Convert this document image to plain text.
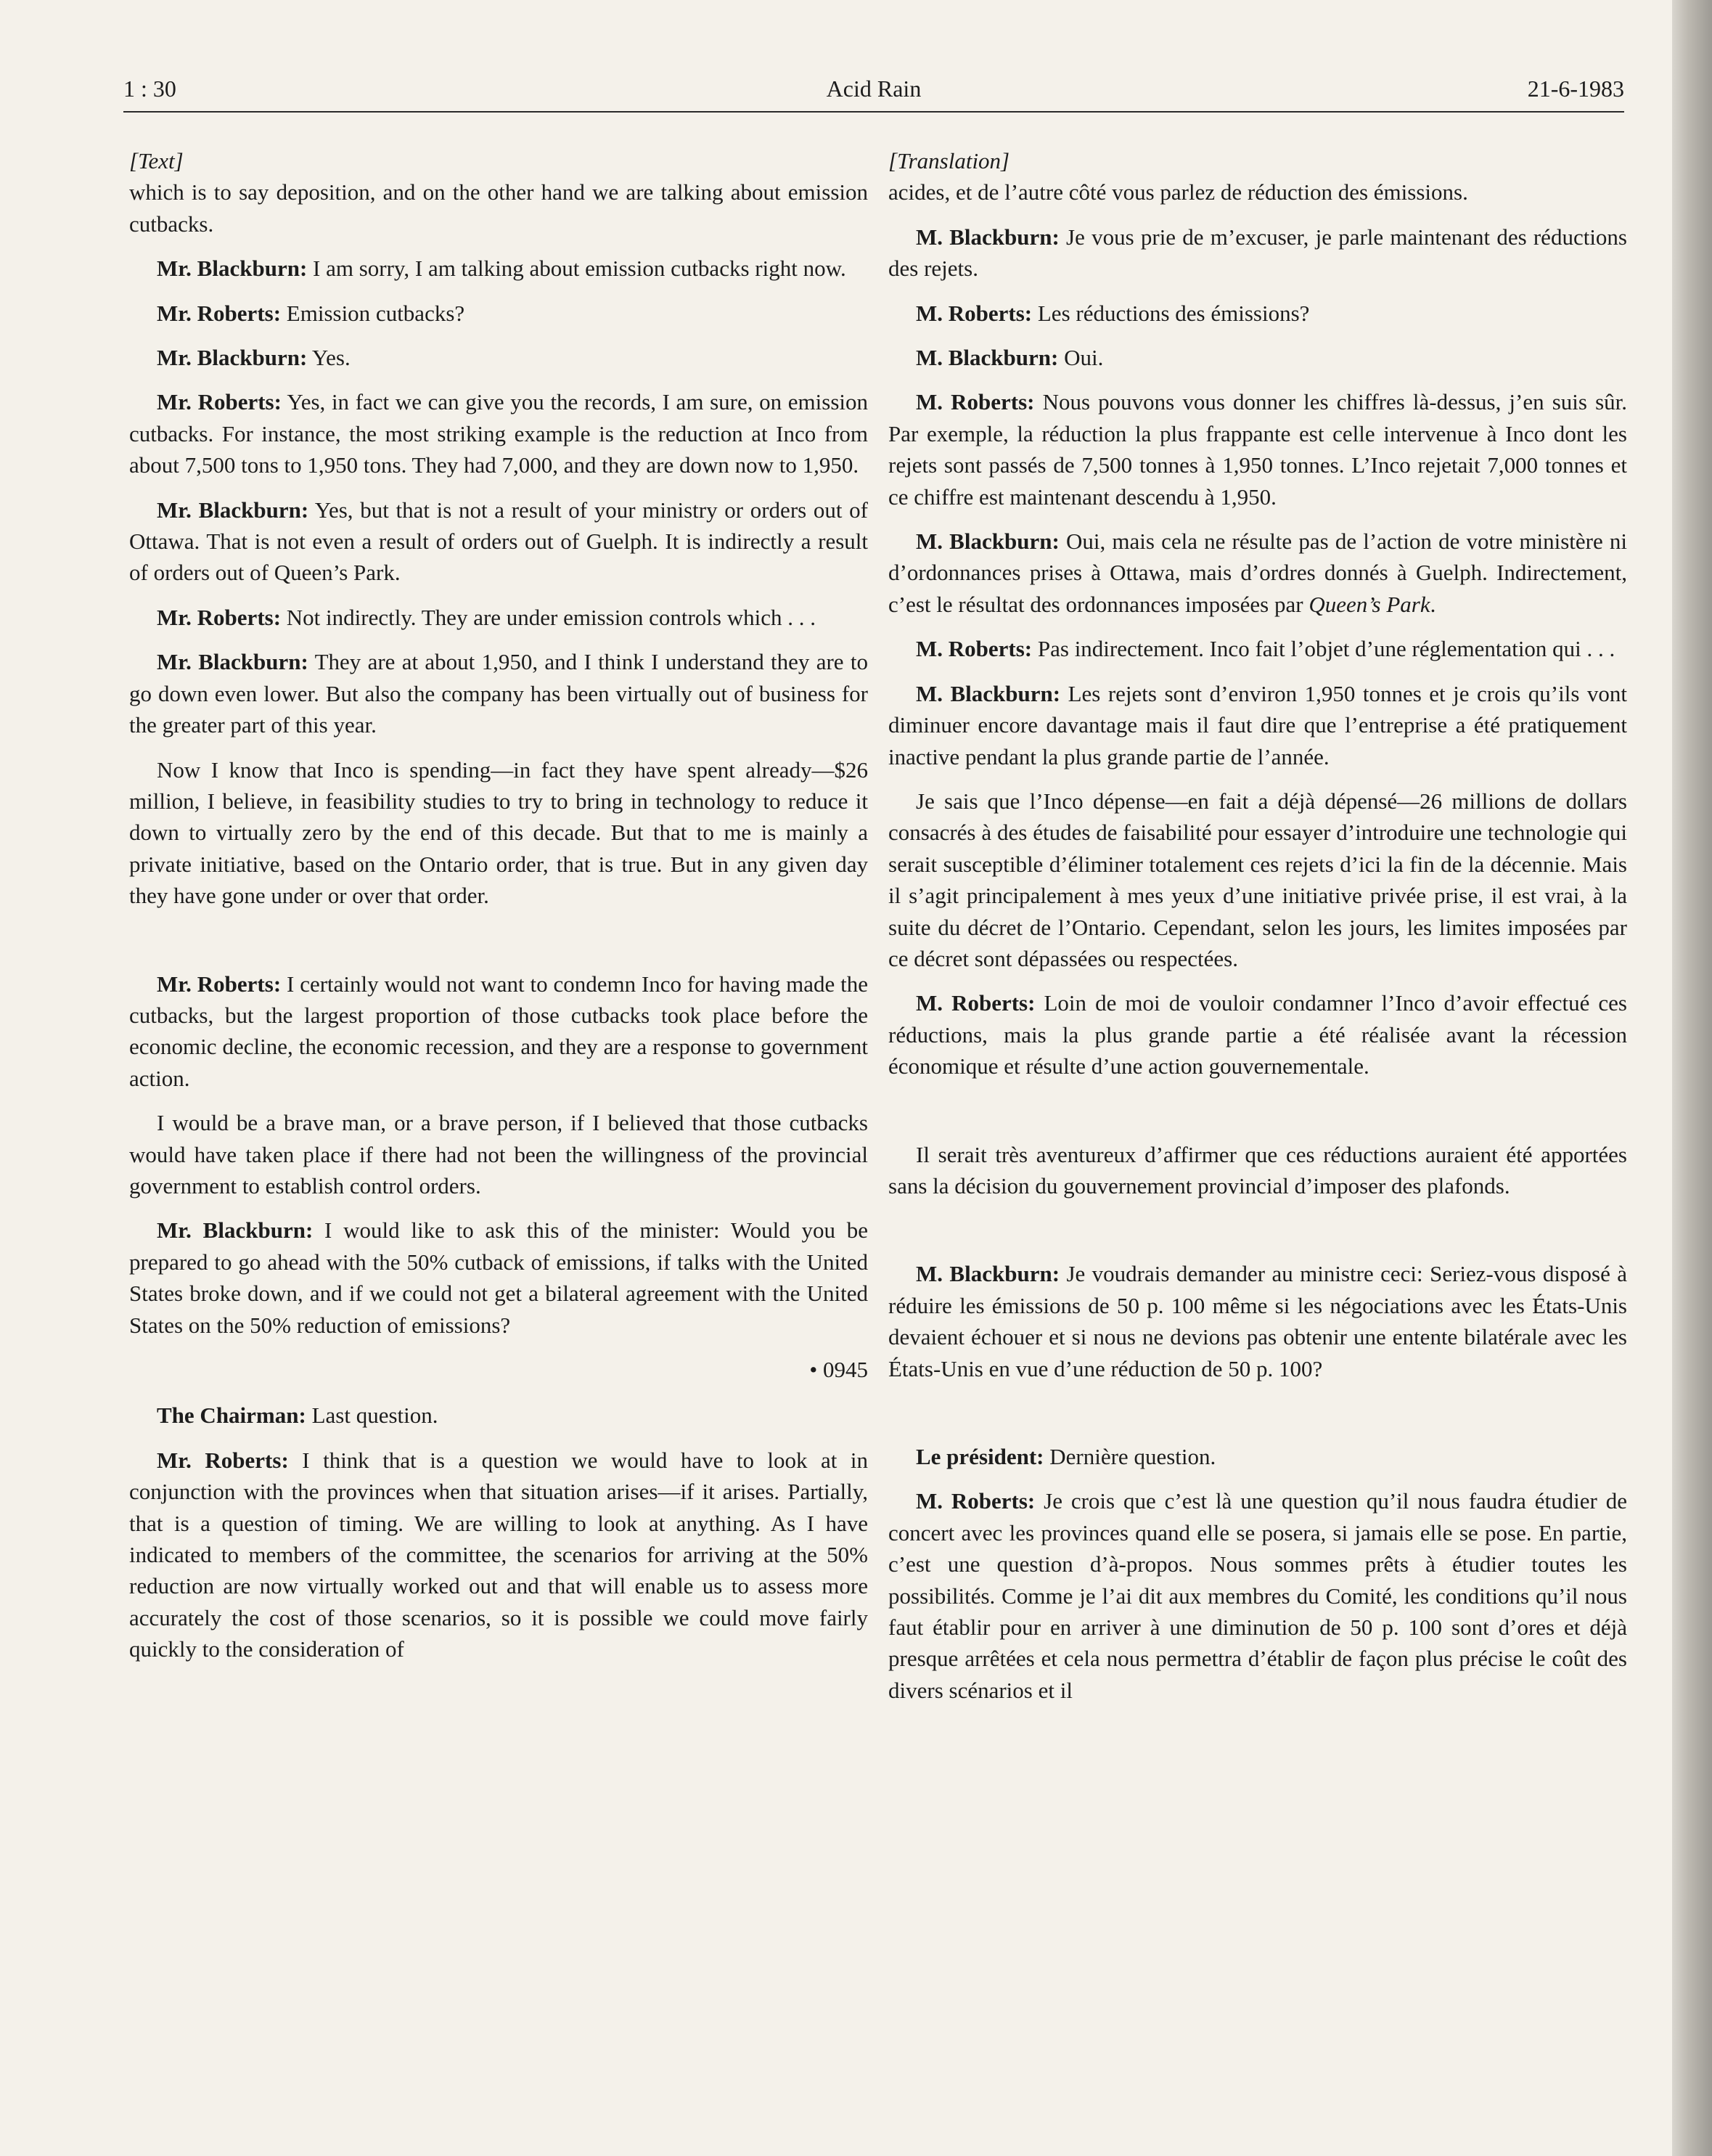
1 : 30	Acid Rain	21-6-1983

[Text]

which is to say deposition, and on the other hand we are talking about emission cutbacks.

Mr. Blackburn: I am sorry, I am talking about emission cutbacks right now.

Mr. Roberts: Emission cutbacks?

Mr. Blackburn: Yes.

Mr. Roberts: Yes, in fact we can give you the records, I am sure, on emission cutbacks. For instance, the most striking example is the reduction at Inco from about 7,500 tons to 1,950 tons. They had 7,000, and they are down now to 1,950.

Mr. Blackburn: Yes, but that is not a result of your ministry or orders out of Ottawa. That is not even a result of orders out of Guelph. It is indirectly a result of orders out of Queen’s Park.

Mr. Roberts: Not indirectly. They are under emission controls which . . .

Mr. Blackburn: They are at about 1,950, and I think I understand they are to go down even lower. But also the company has been virtually out of business for the greater part of this year.

Now I know that Inco is spending—in fact they have spent already—$26 million, I believe, in feasibility studies to try to bring in technology to reduce it down to virtually zero by the end of this decade. But that to me is mainly a private initiative, based on the Ontario order, that is true. But in any given day they have gone under or over that order.

Mr. Roberts: I certainly would not want to condemn Inco for having made the cutbacks, but the largest proportion of those cutbacks took place before the economic decline, the economic recession, and they are a response to government action.

I would be a brave man, or a brave person, if I believed that those cutbacks would have taken place if there had not been the willingness of the provincial government to establish control orders.

Mr. Blackburn: I would like to ask this of the minister: Would you be prepared to go ahead with the 50% cutback of emissions, if talks with the United States broke down, and if we could not get a bilateral agreement with the United States on the 50% reduction of emissions?

• 0945

The Chairman: Last question.

Mr. Roberts: I think that is a question we would have to look at in conjunction with the provinces when that situation arises—if it arises. Partially, that is a question of timing. We are willing to look at anything. As I have indicated to members of the committee, the scenarios for arriving at the 50% reduction are now virtually worked out and that will enable us to assess more accurately the cost of those scenarios, so it is possible we could move fairly quickly to the consideration of

[Translation]

acides, et de l’autre côté vous parlez de réduction des émissions.

M. Blackburn: Je vous prie de m’excuser, je parle maintenant des réductions des rejets.

M. Roberts: Les réductions des émissions?

M. Blackburn: Oui.

M. Roberts: Nous pouvons vous donner les chiffres là-dessus, j’en suis sûr. Par exemple, la réduction la plus frappante est celle intervenue à Inco dont les rejets sont passés de 7,500 tonnes à 1,950 tonnes. L’Inco rejetait 7,000 tonnes et ce chiffre est maintenant descendu à 1,950.

M. Blackburn: Oui, mais cela ne résulte pas de l’action de votre ministère ni d’ordonnances prises à Ottawa, mais d’ordres donnés à Guelph. Indirectement, c’est le résultat des ordonnances imposées par Queen’s Park.

M. Roberts: Pas indirectement. Inco fait l’objet d’une réglementation qui . . .

M. Blackburn: Les rejets sont d’environ 1,950 tonnes et je crois qu’ils vont diminuer encore davantage mais il faut dire que l’entreprise a été pratiquement inactive pendant la plus grande partie de l’année.

Je sais que l’Inco dépense—en fait a déjà dépensé—26 millions de dollars consacrés à des études de faisabilité pour essayer d’introduire une technologie qui serait susceptible d’éliminer totalement ces rejets d’ici la fin de la décennie. Mais il s’agit principalement à mes yeux d’une initiative privée prise, il est vrai, à la suite du décret de l’Ontario. Cependant, selon les jours, les limites imposées par ce décret sont dépassées ou respectées.

M. Roberts: Loin de moi de vouloir condamner l’Inco d’avoir effectué ces réductions, mais la plus grande partie a été réalisée avant la récession économique et résulte d’une action gouvernementale.

Il serait très aventureux d’affirmer que ces réductions auraient été apportées sans la décision du gouvernement provincial d’imposer des plafonds.

M. Blackburn: Je voudrais demander au ministre ceci: Seriez-vous disposé à réduire les émissions de 50 p. 100 même si les négociations avec les États-Unis devaient échouer et si nous ne devions pas obtenir une entente bilatérale avec les États-Unis en vue d’une réduction de 50 p. 100?

Le président: Dernière question.

M. Roberts: Je crois que c’est là une question qu’il nous faudra étudier de concert avec les provinces quand elle se posera, si jamais elle se pose. En partie, c’est une question d’à-propos. Nous sommes prêts à étudier toutes les possibilités. Comme je l’ai dit aux membres du Comité, les conditions qu’il nous faut établir pour en arriver à une diminution de 50 p. 100 sont d’ores et déjà presque arrêtées et cela nous permettra d’établir de façon plus précise le coût des divers scénarios et il
